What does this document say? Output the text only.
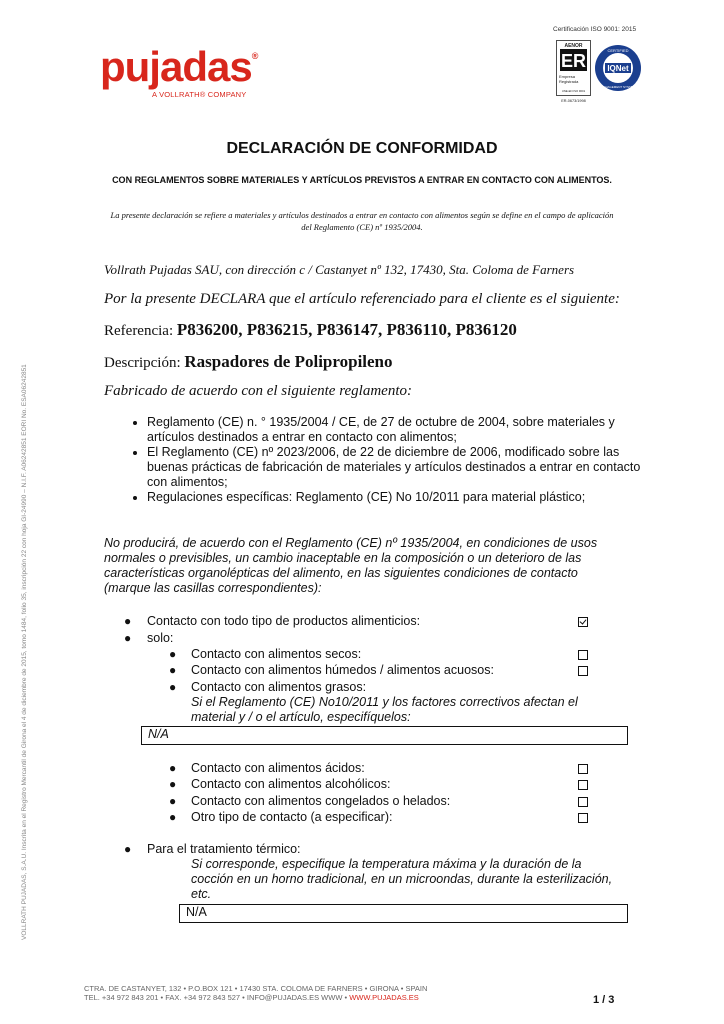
pujadas®
A VOLLRATH® COMPANY
Certificación ISO 9001: 2015
AENOR
ER
Empresa
Registrada
UNE-EN ISO 9001
ER-0673/1998
CERTIFIED
MANAGEMENT SYSTEM
IQNet
DECLARACIÓN DE CONFORMIDAD
CON REGLAMENTOS SOBRE MATERIALES Y ARTÍCULOS PREVISTOS A ENTRAR EN CONTACTO CON ALIMENTOS.
La presente declaración se refiere a materiales y artículos destinados a entrar en contacto con alimentos según se define en el campo de aplicación del Reglamento (CE) nº 1935/2004.
Vollrath Pujadas SAU, con dirección c / Castanyet nº 132, 17430, Sta. Coloma de Farners
Por la presente DECLARA que el artículo referenciado para el cliente es el siguiente:
Referencia: P836200, P836215, P836147, P836110, P836120
Descripción: Raspadores de Polipropileno
Fabricado de acuerdo con el siguiente reglamento:
• Reglamento (CE) n. ° 1935/2004 / CE, de 27 de octubre de 2004, sobre materiales y artículos destinados a entrar en contacto con alimentos;
• El Reglamento (CE) nº 2023/2006, de 22 de diciembre de 2006, modificado sobre las buenas prácticas de fabricación de materiales y artículos destinados a entrar en contacto con alimentos;
• Regulaciones específicas: Reglamento (CE) No 10/2011 para material plástico;
No producirá, de acuerdo con el Reglamento (CE) nº 1935/2004, en condiciones de usos normales o previsibles, un cambio inaceptable en la composición o un deterioro de las características organolépticas del alimento, en las siguientes condiciones de contacto (marque las casillas correspondientes):
● Contacto con todo tipo de productos alimenticios:
● solo:
● Contacto con alimentos secos:
● Contacto con alimentos húmedos / alimentos acuosos:
● Contacto con alimentos grasos:
Si el Reglamento (CE) No10/2011 y los factores correctivos afectan el material y / o el artículo, especifíquelos:
N/A
● Contacto con alimentos ácidos:
● Contacto con alimentos alcohólicos:
● Contacto con alimentos congelados o helados:
● Otro tipo de contacto (a especificar):
● Para el tratamiento térmico:
Si corresponde, especifique la temperatura máxima y la duración de la cocción en un horno tradicional, en un microondas, durante la esterilización, etc.
N/A
CTRA. DE CASTANYET, 132 • P.O.BOX 121 • 17430 STA. COLOMA DE FARNERS • GIRONA • SPAIN
TEL. +34 972 843 201 • FAX. +34 972 843 527 • INFO@PUJADAS.ES WWW • WWW.PUJADAS.ES	1 / 3
VOLLRATH PUJADAS, S.A.U. Inscrita en el Registro Mercantil de Girona el 4 de diciembre de 2015, tomo 1484, folio 35, inscripción 22 con hoja GI-24990 – N.I.F. A06242851 EORI No. ESA06242851
